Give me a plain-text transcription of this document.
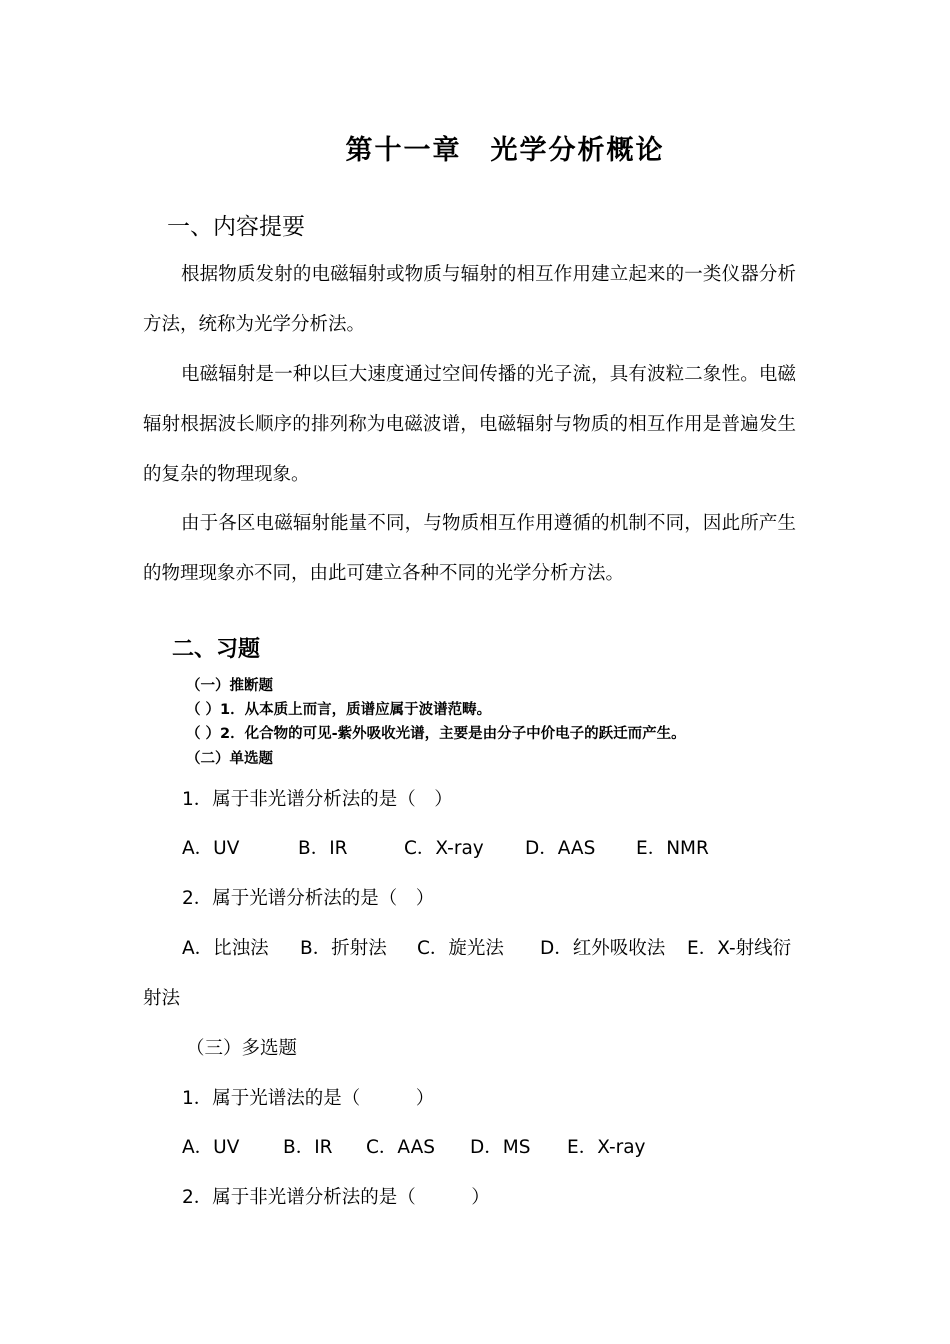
第十一章　光学分析概论
一、内容提要
根据物质发射的电磁辐射或物质与辐射的相互作用建立起来的一类仪器分析方法，统称为光学分析法。
电磁辐射是一种以巨大速度通过空间传播的光子流，具有波粒二象性。电磁辐射根据波长顺序的排列称为电磁波谱，电磁辐射与物质的相互作用是普遍发生的复杂的物理现象。
由于各区电磁辐射能量不同，与物质相互作用遵循的机制不同，因此所产生的物理现象亦不同，由此可建立各种不同的光学分析方法。
二、习题
（一）推断题
（ ）1．从本质上而言，质谱应属于波谱范畴。
（ ）2．化合物的可见-紫外吸收光谱，主要是由分子中价电子的跃迁而产生。
（二）单选题
1．属于非光谱分析法的是（　）
A．UV	B．IR	C．X-ray D．AAS E．NMR
2．属于光谱分析法的是（　）
A．比浊法 B．折射法 C．旋光法 D．红外吸收法 E．X-射线衍
射法
（三）多选题
1．属于光谱法的是（　　　）
A．UV B．IR C．AAS D．MS E．X-ray
2．属于非光谱分析法的是（　　　）
